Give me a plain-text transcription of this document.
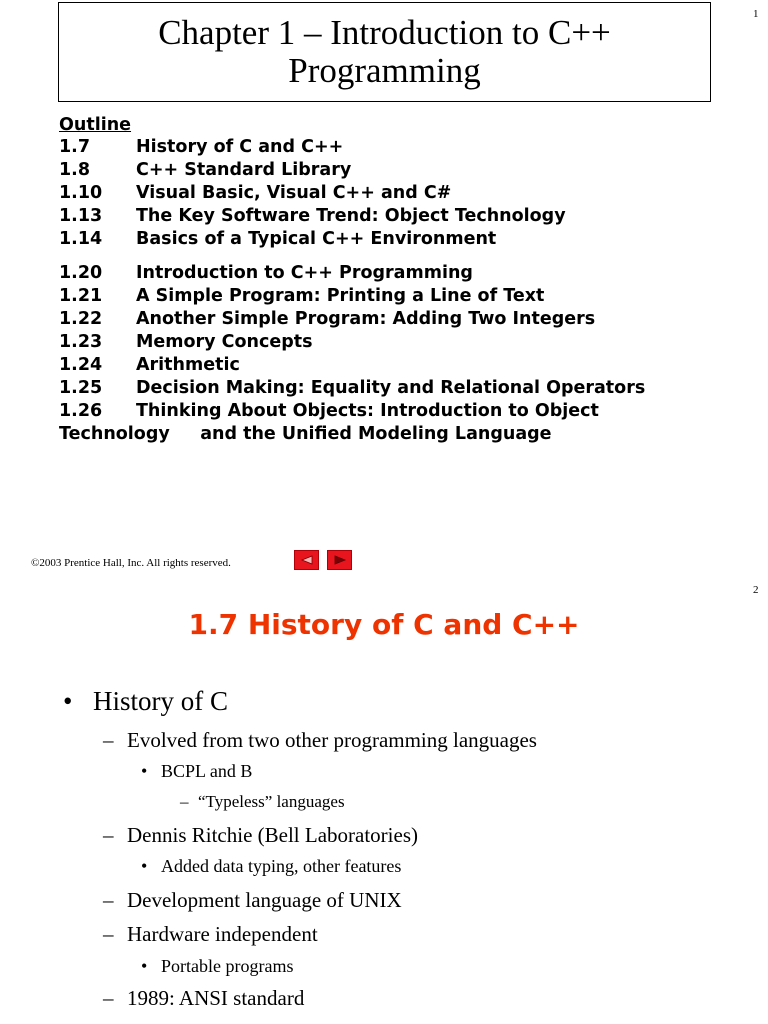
1
Chapter 1 – Introduction to C++
Programming
Outline
1.7	History of C and C++
1.8	C++ Standard Library
1.10	Visual Basic, Visual C++ and C#
1.13	The Key Software Trend: Object Technology
1.14	Basics of a Typical C++ Environment
1.20	Introduction to C++ Programming
1.21	A Simple Program: Printing a Line of Text
1.22	Another Simple Program: Adding Two Integers
1.23	Memory Concepts
1.24	Arithmetic
1.25	Decision Making: Equality and Relational Operators
1.26	Thinking About Objects: Introduction to Object
Technology     and the Unified Modeling Language
©2003 Prentice Hall, Inc. All rights reserved.
2
1.7 History of C and C++
• History of C
– Evolved from two other programming languages
• BCPL and B
– “Typeless” languages
– Dennis Ritchie (Bell Laboratories)
• Added data typing, other features
– Development language of UNIX
– Hardware independent
• Portable programs
– 1989: ANSI standard
